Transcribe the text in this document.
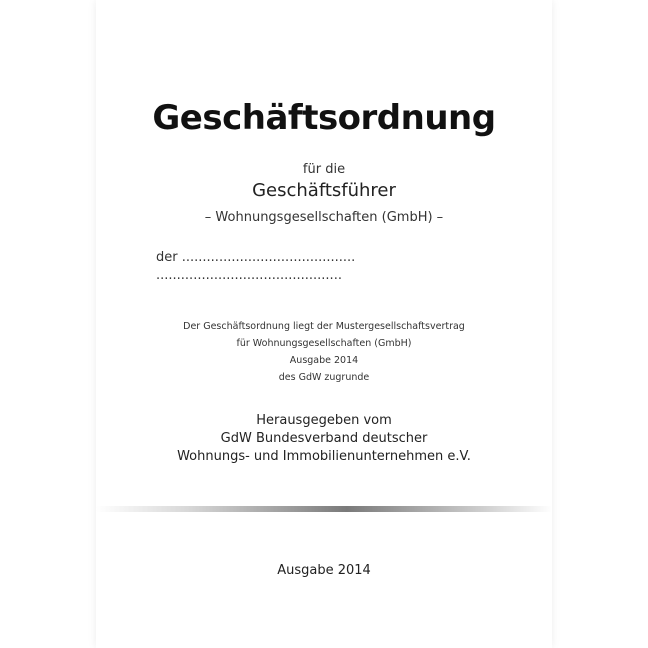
Geschäftsordnung
für die
Geschäftsführer
– Wohnungsgesellschaften (GmbH) –
der ..........................................
.............................................
Der Geschäftsordnung liegt der Mustergesellschaftsvertrag
für Wohnungsgesellschaften (GmbH)
Ausgabe 2014
des GdW zugrunde
Herausgegeben vom
GdW Bundesverband deutscher
Wohnungs- und Immobilienunternehmen e.V.
Ausgabe 2014
